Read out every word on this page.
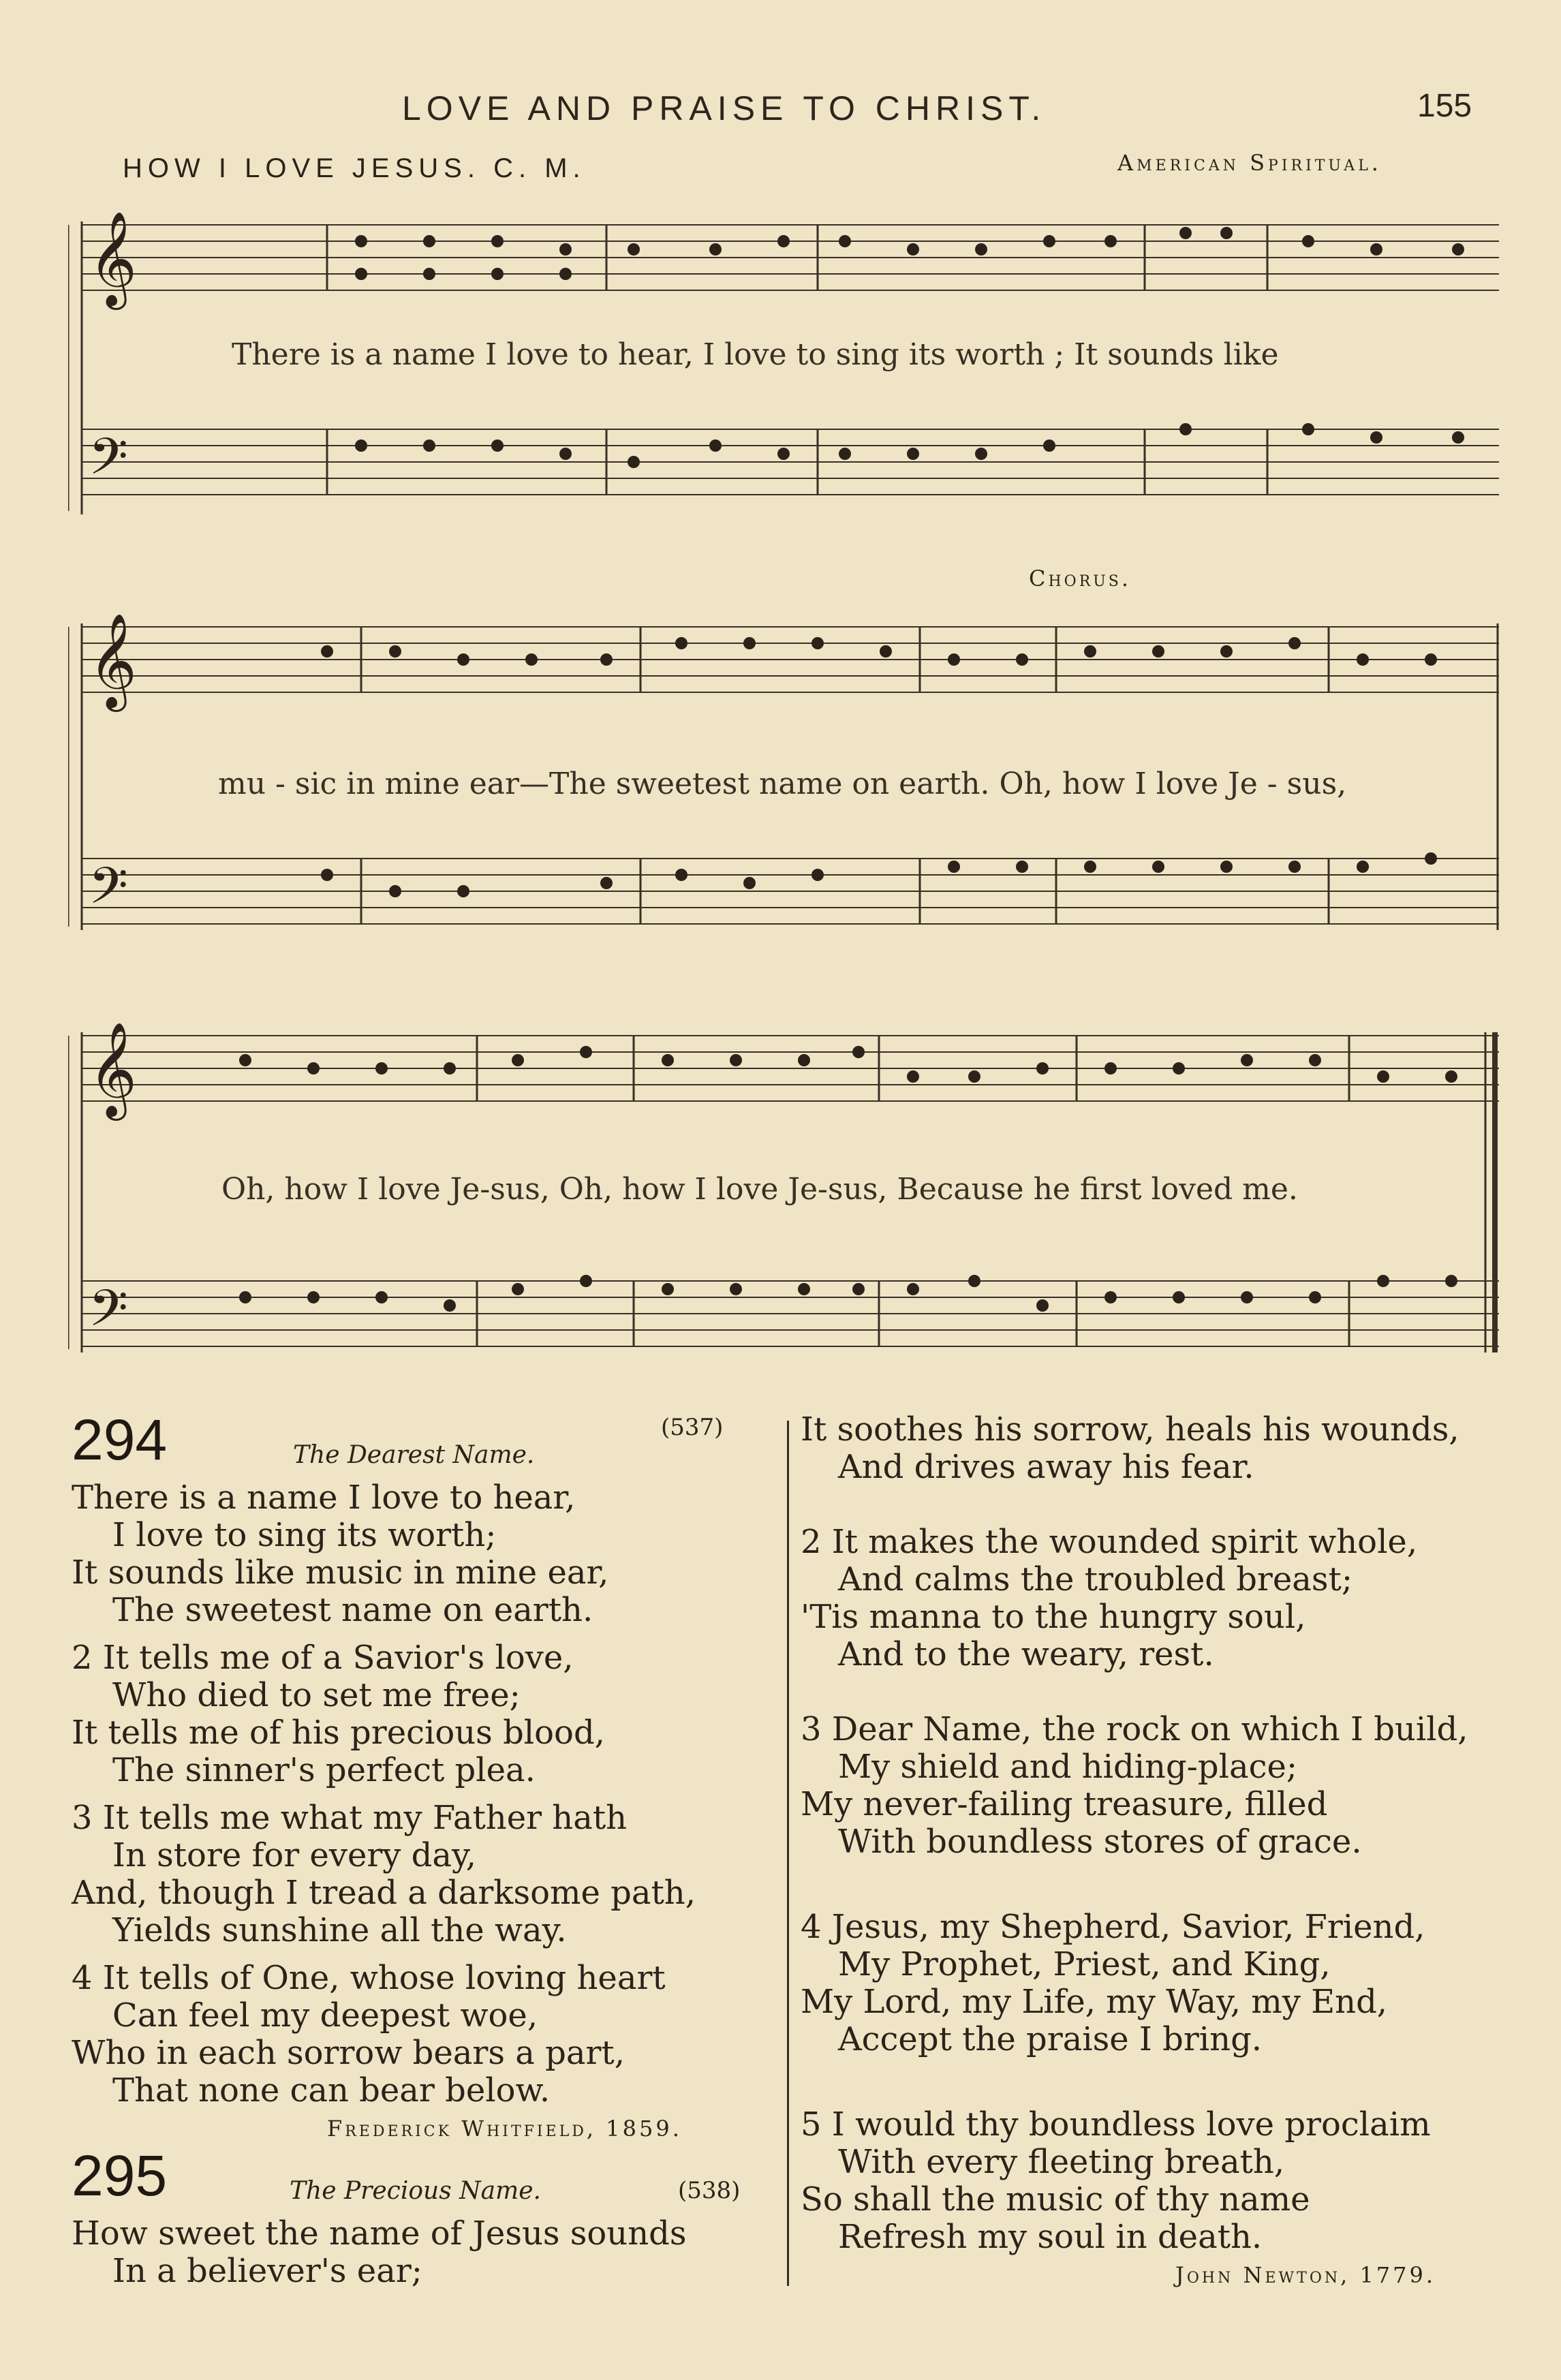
LOVE AND PRAISE TO CHRIST.	155
HOW I LOVE JESUS. C. M.	American Spiritual.
Chorus.
𝄞
𝄢
There is a name I love to hear, I love to sing its worth ; It sounds like
𝄞
𝄢
mu - sic in mine ear—The sweetest name on earth. Oh, how I love Je - sus,
𝄞
𝄢
Oh, how I love Je-sus, Oh, how I love Je-sus, Because he first loved me.
294	The Dearest Name.
(537)
There is a name I love to hear,
I love to sing its worth;
It sounds like music in mine ear,
The sweetest name on earth.
2 It tells me of a Savior's love,
Who died to set me free;
It tells me of his precious blood,
The sinner's perfect plea.
3 It tells me what my Father hath
In store for every day,
And, though I tread a darksome path,
Yields sunshine all the way.
4 It tells of One, whose loving heart
Can feel my deepest woe,
Who in each sorrow bears a part,
That none can bear below.
Frederick Whitfield, 1859.
295	The Precious Name.	(538)
How sweet the name of Jesus sounds
In a believer's ear;
It soothes his sorrow, heals his wounds,
And drives away his fear.
2 It makes the wounded spirit whole,
And calms the troubled breast;
'Tis manna to the hungry soul,
And to the weary, rest.
3 Dear Name, the rock on which I build,
My shield and hiding-place;
My never-failing treasure, filled
With boundless stores of grace.
4 Jesus, my Shepherd, Savior, Friend,
My Prophet, Priest, and King,
My Lord, my Life, my Way, my End,
Accept the praise I bring.
5 I would thy boundless love proclaim
With every fleeting breath,
So shall the music of thy name
Refresh my soul in death.
John Newton, 1779.
